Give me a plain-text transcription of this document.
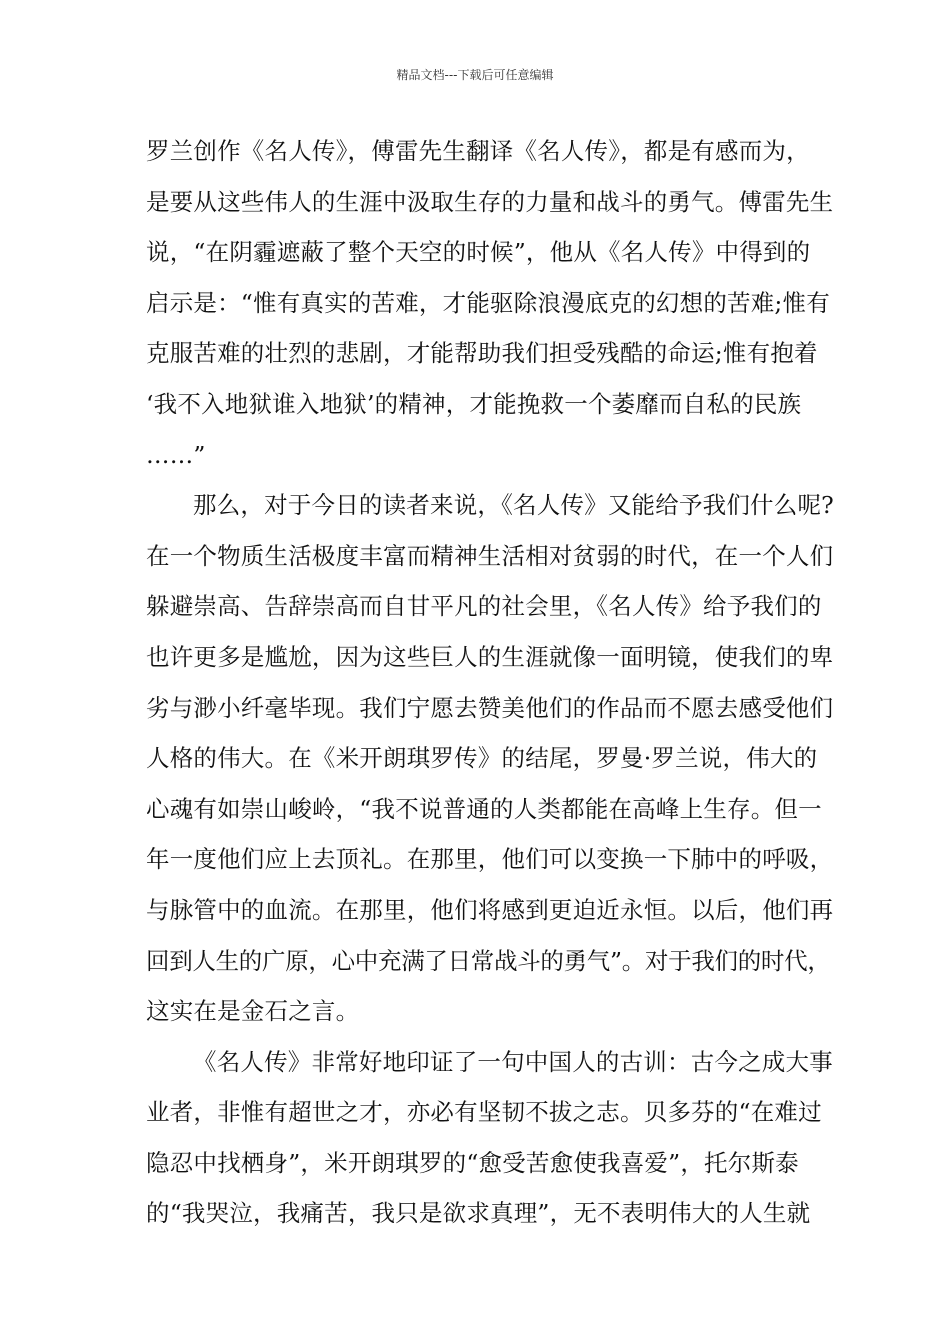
精品文档---下载后可任意编辑
罗兰创作《名人传》，傅雷先生翻译《名人传》，都是有感而为，
是要从这些伟人的生涯中汲取生存的力量和战斗的勇气。傅雷先生
说，“在阴霾遮蔽了整个天空的时候”，他从《名人传》中得到的
启示是：“惟有真实的苦难，才能驱除浪漫底克的幻想的苦难;惟有
克服苦难的壮烈的悲剧，才能帮助我们担受残酷的命运;惟有抱着
‘我不入地狱谁入地狱’的精神，才能挽救一个萎靡而自私的民族
……”
那么，对于今日的读者来说，《名人传》又能给予我们什么呢?
在一个物质生活极度丰富而精神生活相对贫弱的时代，在一个人们
躲避崇高、告辞崇高而自甘平凡的社会里，《名人传》给予我们的
也许更多是尴尬，因为这些巨人的生涯就像一面明镜，使我们的卑
劣与渺小纤毫毕现。我们宁愿去赞美他们的作品而不愿去感受他们
人格的伟大。在《米开朗琪罗传》的结尾，罗曼·罗兰说，伟大的
心魂有如崇山峻岭，“我不说普通的人类都能在高峰上生存。但一
年一度他们应上去顶礼。在那里，他们可以变换一下肺中的呼吸，
与脉管中的血流。在那里，他们将感到更迫近永恒。以后，他们再
回到人生的广原，心中充满了日常战斗的勇气”。对于我们的时代，
这实在是金石之言。
《名人传》非常好地印证了一句中国人的古训：古今之成大事
业者，非惟有超世之才，亦必有坚韧不拔之志。贝多芬的“在难过
隐忍中找栖身”，米开朗琪罗的“愈受苦愈使我喜爱”，托尔斯泰
的“我哭泣，我痛苦，我只是欲求真理”，无不表明伟大的人生就
